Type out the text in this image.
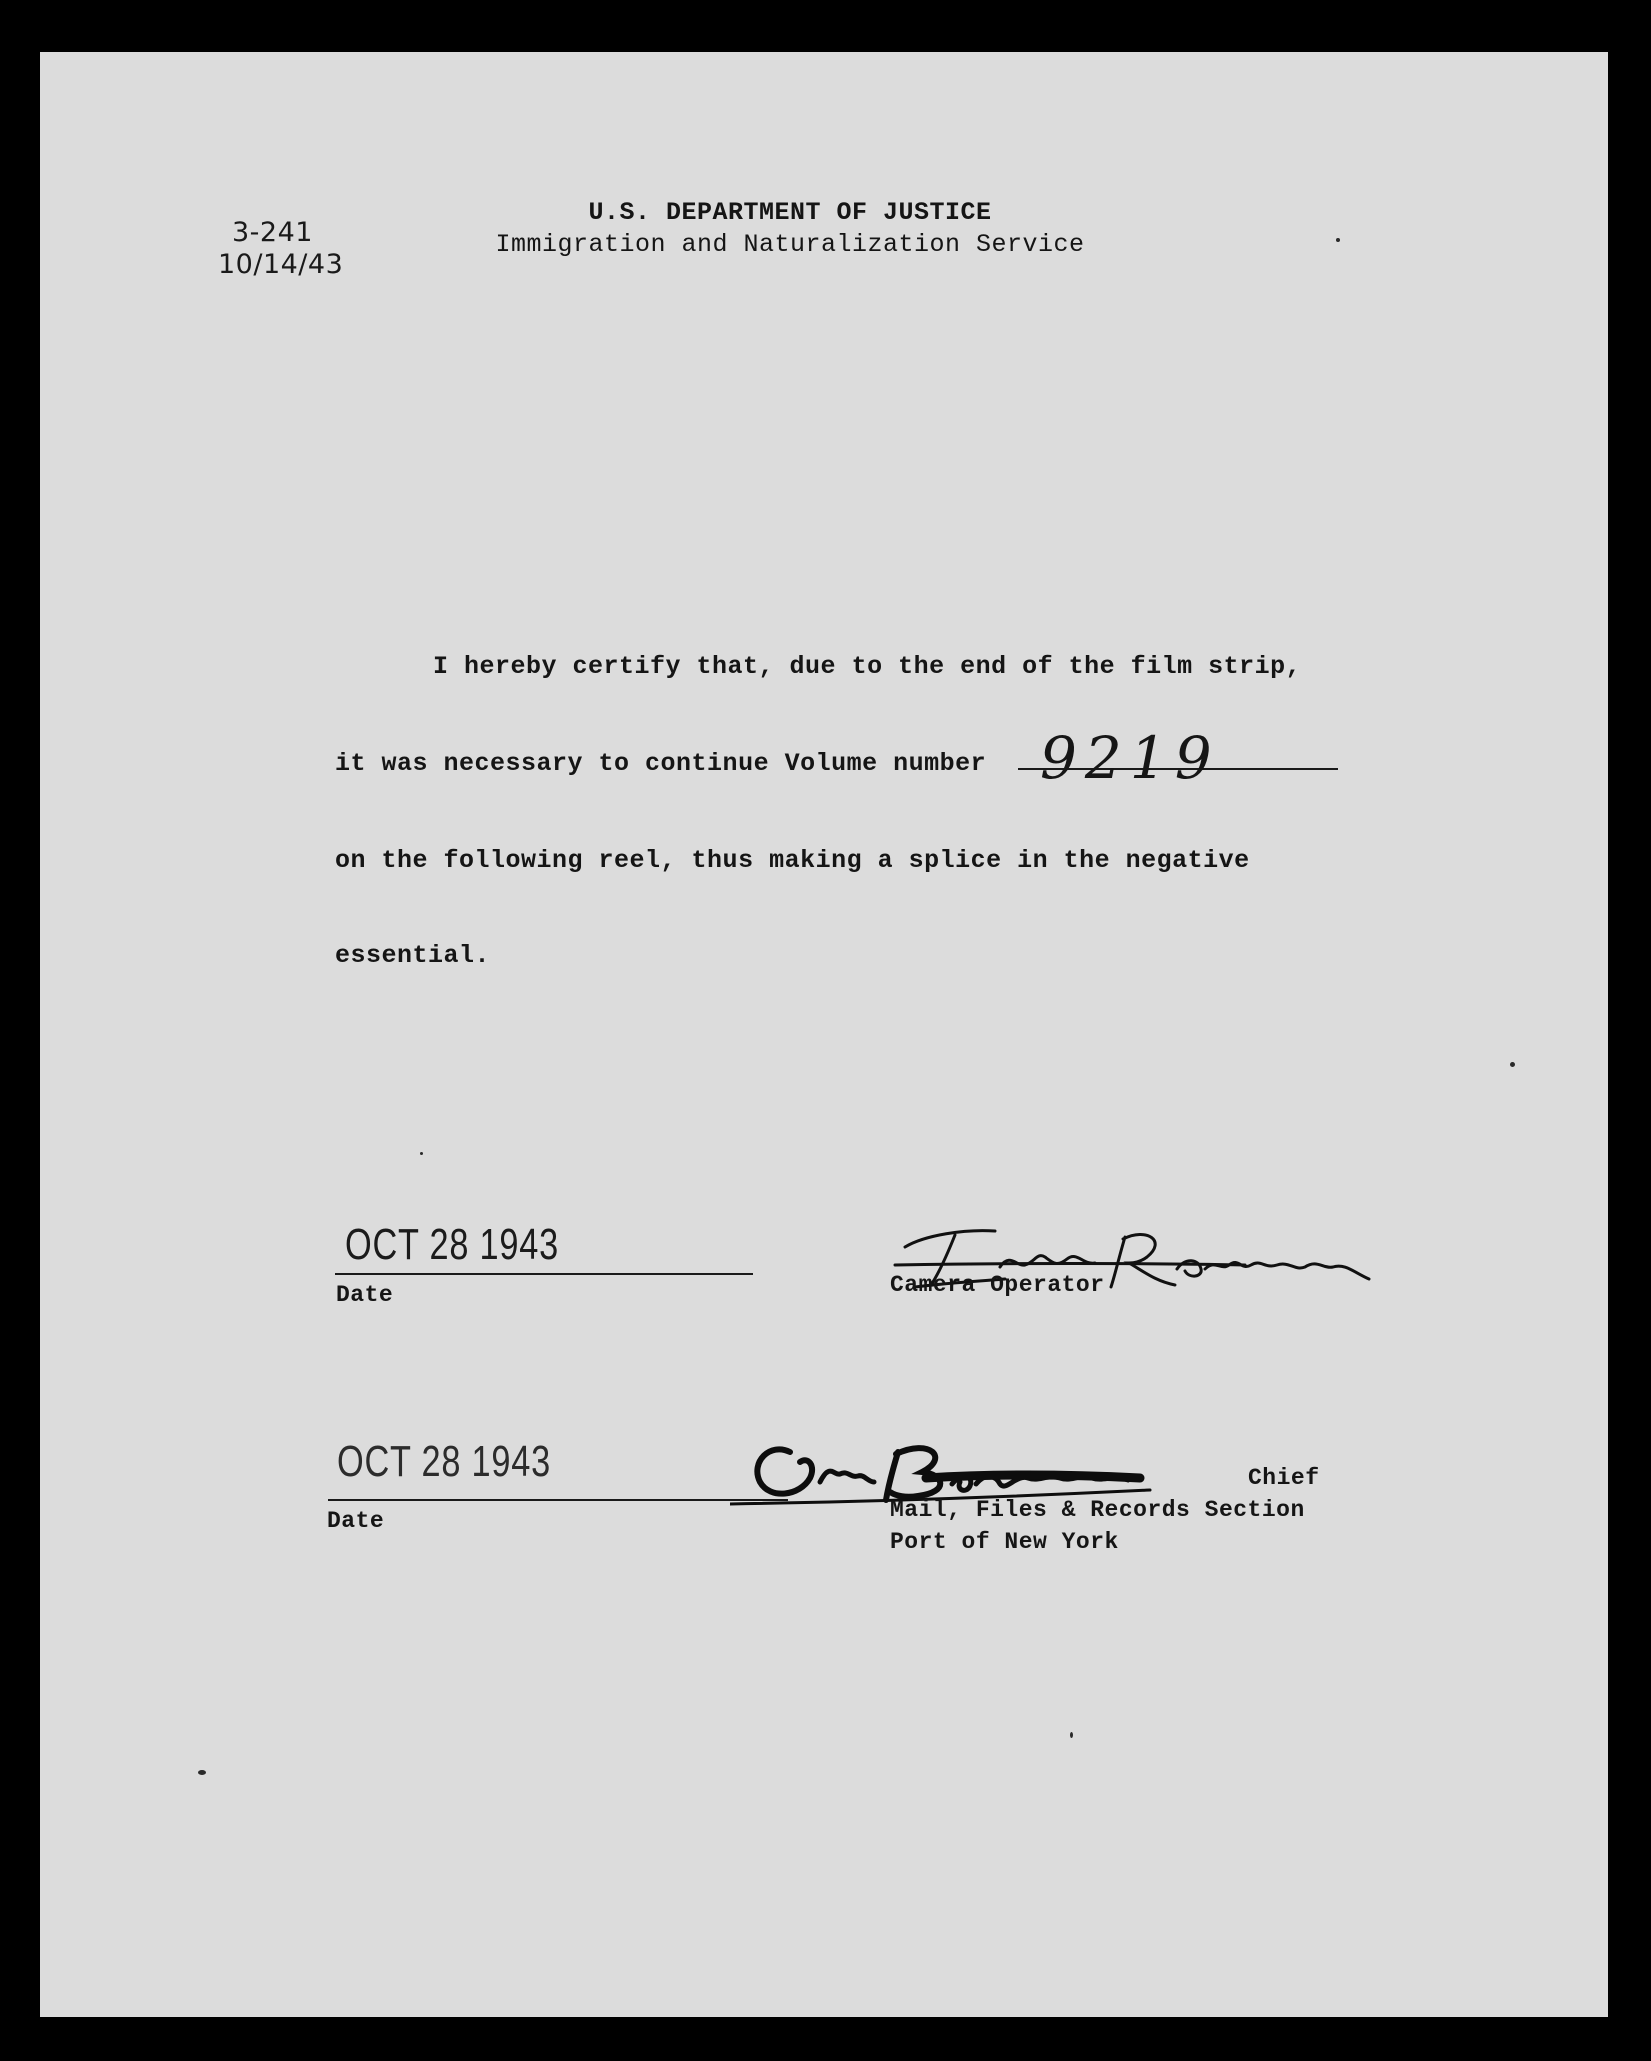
3-241
10/14/43
U.S. DEPARTMENT OF JUSTICE
Immigration and Naturalization Service
I hereby certify that, due to the end of the film strip,
it was necessary to continue Volume number 9219
on the following reel, thus making a splice in the negative
essential.
OCT 28 1943
Date	Camera Operator
OCT 28 1943
Date
Chief
Mail, Files & Records Section
Port of New York
